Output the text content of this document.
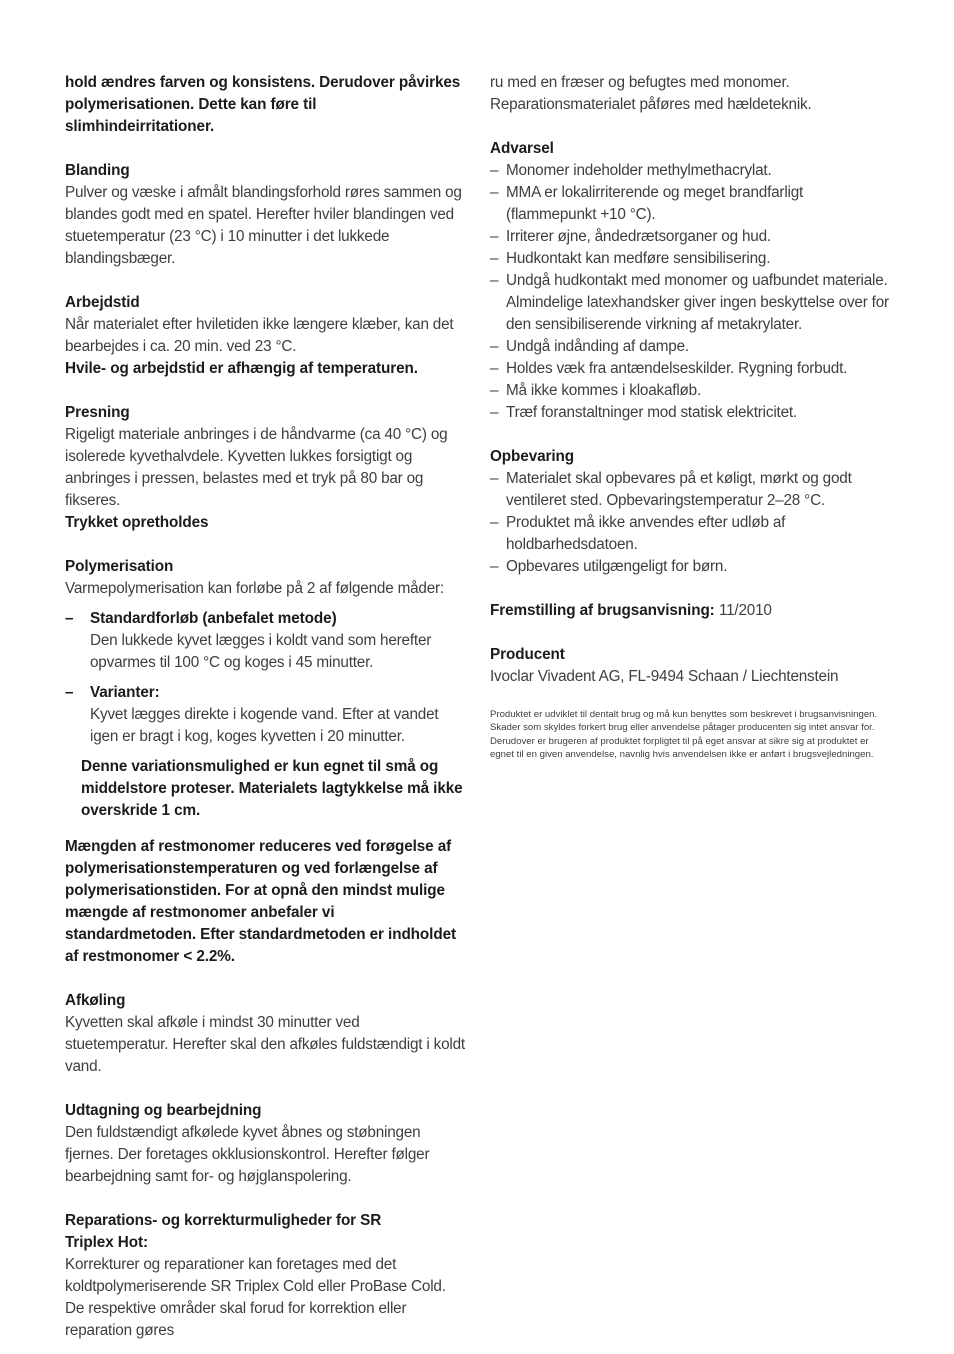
hold ændres farven og konsistens. Derudover påvirkes polymerisationen. Dette kan føre til slimhindeirritationer.

Blanding

Pulver og væske i afmålt blandingsforhold røres sammen og blandes godt med en spatel. Herefter hviler blandingen ved stuetemperatur (23 °C) i 10 minutter i det lukkede blandingsbæger.

Arbejdstid

Når materialet efter hviletiden ikke længere klæber, kan det bearbejdes i ca. 20 min. ved 23 °C.

Hvile- og arbejdstid er afhængig af temperaturen.

Presning

Rigeligt materiale anbringes i de håndvarme (ca 40 °C) og isolerede kyvethalvdele. Kyvetten lukkes forsigtigt og anbringes i pressen, belastes med et tryk på 80 bar og fikseres.

Trykket opretholdes

Polymerisation

Varmepolymerisation kan forløbe på 2 af følgende måder:

– Standardforløb (anbefalet metode)

Den lukkede kyvet lægges i koldt vand som herefter opvarmes til 100 °C og koges i 45 minutter.

– Varianter:

Kyvet lægges direkte i kogende vand. Efter at vandet igen er bragt i kog, koges kyvetten i 20 minutter.

Denne variationsmulighed er kun egnet til små og middelstore proteser. Materialets lagtykkelse må ikke overskride 1 cm.

Mængden af restmonomer reduceres ved forøgelse af polymerisationstemperaturen og ved forlængelse af polymerisationstiden. For at opnå den mindst mulige mængde af restmonomer anbefaler vi standardmetoden. Efter standardmetoden er indholdet af restmonomer < 2.2%.

Afkøling

Kyvetten skal afkøle i mindst 30 minutter ved stuetemperatur. Herefter skal den afkøles fuldstændigt i koldt vand.

Udtagning og bearbejdning

Den fuldstændigt afkølede kyvet åbnes og støbningen fjernes. Der foretages okklusionskontrol. Herefter følger bearbejdning samt for- og højglanspolering.

Reparations- og korrekturmuligheder for SR Triplex Hot:

Korrekturer og reparationer kan foretages med det koldtpolymeriserende SR Triplex Cold eller ProBase Cold. De respektive områder skal forud for korrektion eller reparation gøres

ru med en fræser og befugtes med monomer. Reparationsmaterialet påføres med hældeteknik.

Advarsel

– Monomer indeholder methylmethacrylat.
– MMA er lokalirriterende og meget brandfarligt (flammepunkt +10 °C).
– Irriterer øjne, åndedrætsorganer og hud.
– Hudkontakt kan medføre sensibilisering.
– Undgå hudkontakt med monomer og uafbundet materiale. Almindelige latexhandsker giver ingen beskyttelse over for den sensibiliserende virkning af metakrylater.
– Undgå indånding af dampe.
– Holdes væk fra antændelseskilder. Rygning forbudt.
– Må ikke kommes i kloakafløb.
– Træf foranstaltninger mod statisk elektricitet.

Opbevaring

– Materialet skal opbevares på et køligt, mørkt og godt ventileret sted. Opbevaringstemperatur 2–28 °C.
– Produktet må ikke anvendes efter udløb af holdbarhedsdatoen.
– Opbevares utilgængeligt for børn.

Fremstilling af brugsanvisning: 11/2010

Producent

Ivoclar Vivadent AG, FL-9494 Schaan / Liechtenstein

Produktet er udviklet til dentalt brug og må kun benyttes som beskrevet i brugsanvisningen. Skader som skyldes forkert brug eller anvendelse påtager producenten sig intet ansvar for. Derudover er brugeren af produktet forpligtet til på eget ansvar at sikre sig at produktet er egnet til en given anvendelse, navnlig hvis anvendelsen ikke er anført i brugsvejledningen.
